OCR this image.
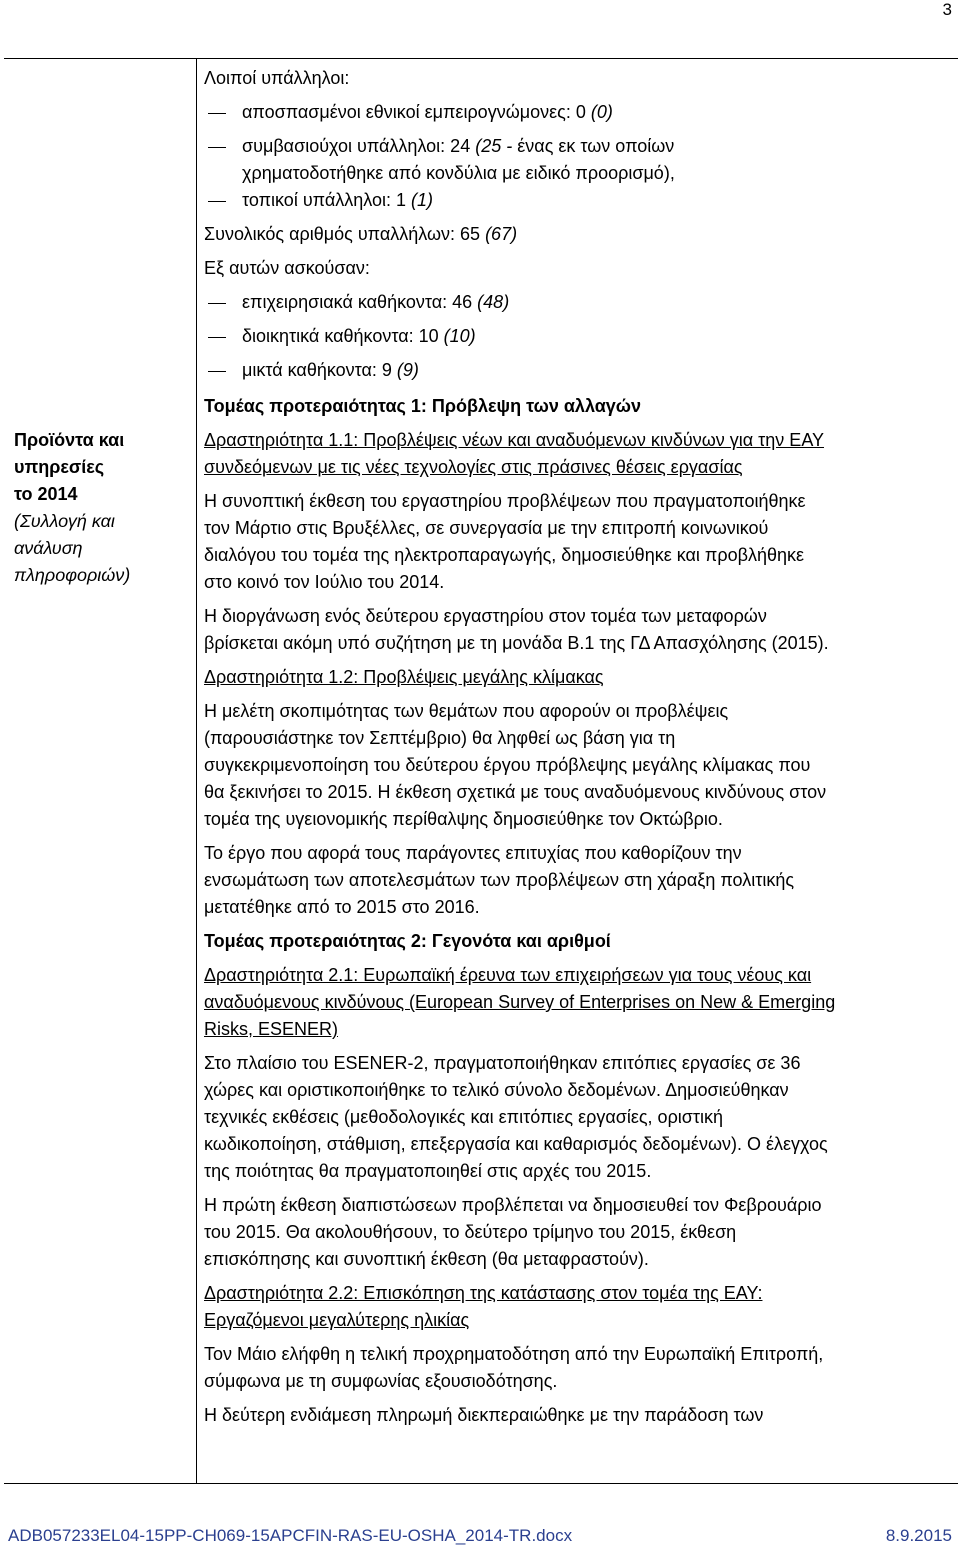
3
Προϊόντα και
υπηρεσίες
το 2014
(Συλλογή και
ανάλυση
πληροφοριών)
Λοιποί υπάλληλοι:
αποσπασμένοι εθνικοί εμπειρογνώμονες: 0 (0)
συμβασιούχοι υπάλληλοι: 24 (25 - ένας εκ των οποίων
χρηματοδοτήθηκε από κονδύλια με ειδικό προορισμό),
τοπικοί υπάλληλοι: 1 (1)
Συνολικός αριθμός υπαλλήλων: 65 (67)
Εξ αυτών ασκούσαν:
επιχειρησιακά καθήκοντα: 46 (48)
διοικητικά καθήκοντα: 10 (10)
μικτά καθήκοντα: 9 (9)
Τομέας προτεραιότητας 1: Πρόβλεψη των αλλαγών
Δραστηριότητα 1.1: Προβλέψεις νέων και αναδυόμενων κινδύνων για την ΕΑΥ
συνδεόμενων με τις νέες τεχνολογίες στις πράσινες θέσεις εργασίας
Η συνοπτική έκθεση του εργαστηρίου προβλέψεων που πραγματοποιήθηκε
τον Μάρτιο στις Βρυξέλλες, σε συνεργασία με την επιτροπή κοινωνικού
διαλόγου του τομέα της ηλεκτροπαραγωγής, δημοσιεύθηκε και προβλήθηκε
στο κοινό τον Ιούλιο του 2014.
Η διοργάνωση ενός δεύτερου εργαστηρίου στον τομέα των μεταφορών
βρίσκεται ακόμη υπό συζήτηση με τη μονάδα Β.1 της ΓΔ Απασχόλησης (2015).
Δραστηριότητα 1.2: Προβλέψεις μεγάλης κλίμακας
Η μελέτη σκοπιμότητας των θεμάτων που αφορούν οι προβλέψεις
(παρουσιάστηκε τον Σεπτέμβριο) θα ληφθεί ως βάση για τη
συγκεκριμενοποίηση του δεύτερου έργου πρόβλεψης μεγάλης κλίμακας που
θα ξεκινήσει το 2015. Η έκθεση σχετικά με τους αναδυόμενους κινδύνους στον
τομέα της υγειονομικής περίθαλψης δημοσιεύθηκε τον Οκτώβριο.
Το έργο που αφορά τους παράγοντες επιτυχίας που καθορίζουν την
ενσωμάτωση των αποτελεσμάτων των προβλέψεων στη χάραξη πολιτικής
μετατέθηκε από το 2015 στο 2016.
Τομέας προτεραιότητας 2: Γεγονότα και αριθμοί
Δραστηριότητα 2.1: Ευρωπαϊκή έρευνα των επιχειρήσεων για τους νέους και
αναδυόμενους κινδύνους (European Survey of Enterprises on New & Emerging
Risks, ESENER)
Στο πλαίσιο του ESENER-2, πραγματοποιήθηκαν επιτόπιες εργασίες σε 36
χώρες και οριστικοποιήθηκε το τελικό σύνολο δεδομένων. Δημοσιεύθηκαν
τεχνικές εκθέσεις (μεθοδολογικές και επιτόπιες εργασίες, οριστική
κωδικοποίηση, στάθμιση, επεξεργασία και καθαρισμός δεδομένων). Ο έλεγχος
της ποιότητας θα πραγματοποιηθεί στις αρχές του 2015.
Η πρώτη έκθεση διαπιστώσεων προβλέπεται να δημοσιευθεί τον Φεβρουάριο
του 2015. Θα ακολουθήσουν, το δεύτερο τρίμηνο του 2015, έκθεση
επισκόπησης και συνοπτική έκθεση (θα μεταφραστούν).
Δραστηριότητα 2.2: Επισκόπηση της κατάστασης στον τομέα της ΕΑΥ:
Εργαζόμενοι μεγαλύτερης ηλικίας
Τον Μάιο ελήφθη η τελική προχρηματοδότηση από την Ευρωπαϊκή Επιτροπή,
σύμφωνα με τη συμφωνίας εξουσιοδότησης.
Η δεύτερη ενδιάμεση πληρωμή διεκπεραιώθηκε με την παράδοση των
ADB057233EL04-15PP-CH069-15APCFIN-RAS-EU-OSHA_2014-TR.docx	8.9.2015
